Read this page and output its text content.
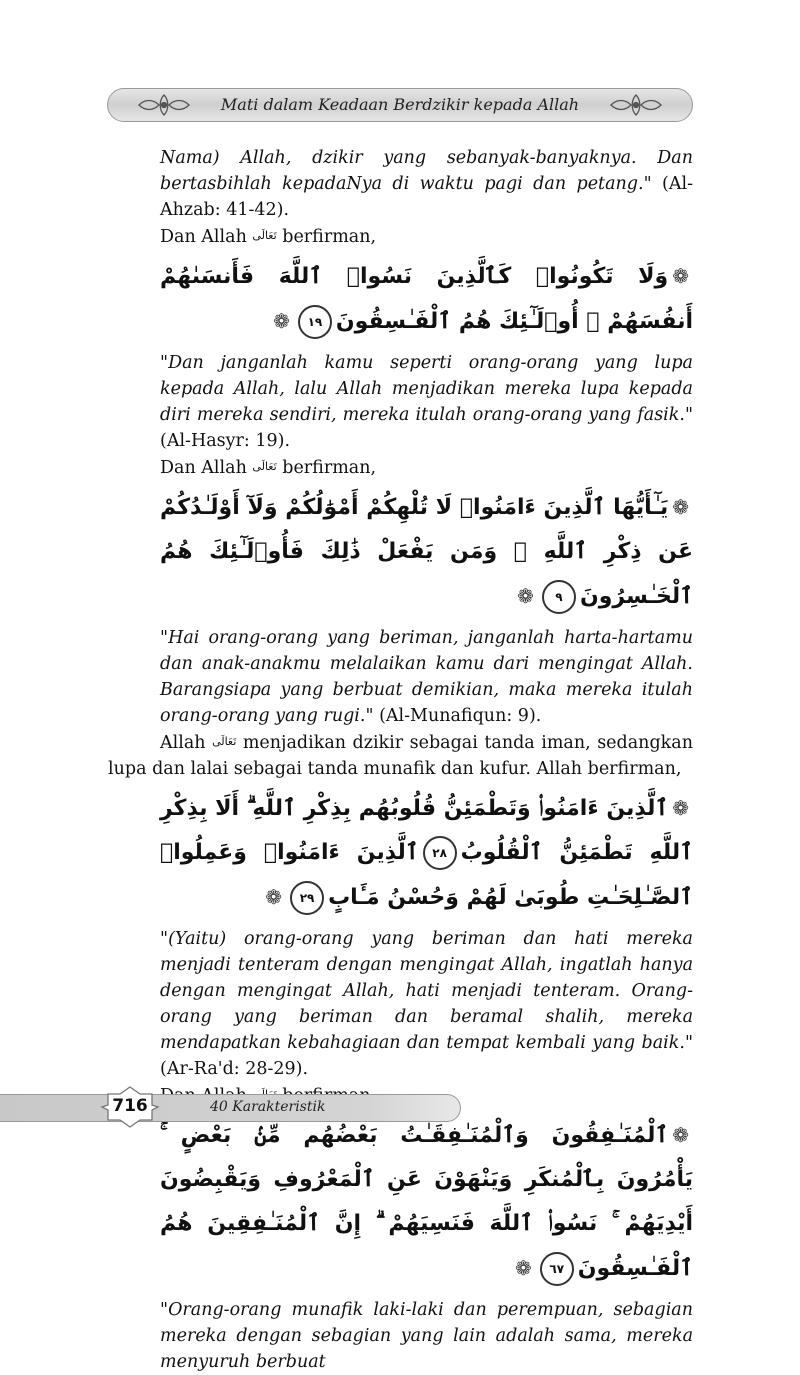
Mati dalam Keadaan Berdzikir kepada Allah

Nama) Allah, dzikir yang sebanyak-banyaknya. Dan bertasbihlah kepadaNya di waktu pagi dan petang." (Al-Ahzab: 41-42).

Dan Allah تَعَالَى berfirman,

❁وَلَا تَكُونُوا۟ كَٱلَّذِينَ نَسُوا۟ ٱللَّهَ فَأَنسَىٰهُمْ أَنفُسَهُمْ ۚ أُو۟لَـٰٓئِكَ هُمُ ٱلْفَـٰسِقُونَ١٩❁

"Dan janganlah kamu seperti orang-orang yang lupa kepada Allah, lalu Allah menjadikan mereka lupa kepada diri mereka sendiri, mereka itulah orang-orang yang fasik." (Al-Hasyr: 19).

Dan Allah تَعَالَى berfirman,

❁يَـٰٓأَيُّهَا ٱلَّذِينَ ءَامَنُوا۟ لَا تُلْهِكُمْ أَمْوَٰلُكُمْ وَلَآ أَوْلَـٰدُكُمْ عَن ذِكْرِ ٱللَّهِ ۚ وَمَن يَفْعَلْ ذَٰلِكَ فَأُو۟لَـٰٓئِكَ هُمُ ٱلْخَـٰسِرُونَ٩❁

"Hai orang-orang yang beriman, janganlah harta-hartamu dan anak-anakmu melalaikan kamu dari mengingat Allah. Barangsiapa yang berbuat demikian, maka mereka itulah orang-orang yang rugi." (Al-Munafiqun: 9).

Allah تَعَالَى menjadikan dzikir sebagai tanda iman, sedangkan lupa dan lalai sebagai tanda munafik dan kufur. Allah berfirman,

❁ٱلَّذِينَ ءَامَنُوا۟ وَتَطْمَئِنُّ قُلُوبُهُم بِذِكْرِ ٱللَّهِ ۗ أَلَا بِذِكْرِ ٱللَّهِ تَطْمَئِنُّ ٱلْقُلُوبُ٢٨ٱلَّذِينَ ءَامَنُوا۟ وَعَمِلُوا۟ ٱلصَّـٰلِحَـٰتِ طُوبَىٰ لَهُمْ وَحُسْنُ مَـَٔابٍ٢٩❁

"(Yaitu) orang-orang yang beriman dan hati mereka menjadi tenteram dengan mengingat Allah, ingatlah hanya dengan mengingat Allah, hati menjadi tenteram. Orang-orang yang beriman dan beramal shalih, mereka mendapatkan kebahagiaan dan tempat kembali yang baik." (Ar-Ra'd: 28-29).

❁ٱلْمُنَـٰفِقُونَ وَٱلْمُنَـٰفِقَـٰتُ بَعْضُهُم مِّنۢ بَعْضٍ ۚ يَأْمُرُونَ بِٱلْمُنكَرِ وَيَنْهَوْنَ عَنِ ٱلْمَعْرُوفِ وَيَقْبِضُونَ أَيْدِيَهُمْ ۚ نَسُوا۟ ٱللَّهَ فَنَسِيَهُمْ ۗ إِنَّ ٱلْمُنَـٰفِقِينَ هُمُ ٱلْفَـٰسِقُونَ٦٧❁

"Orang-orang munafik laki-laki dan perempuan, sebagian mereka dengan sebagian yang lain adalah sama, mereka menyuruh berbuat

716	40 Karakteristik
